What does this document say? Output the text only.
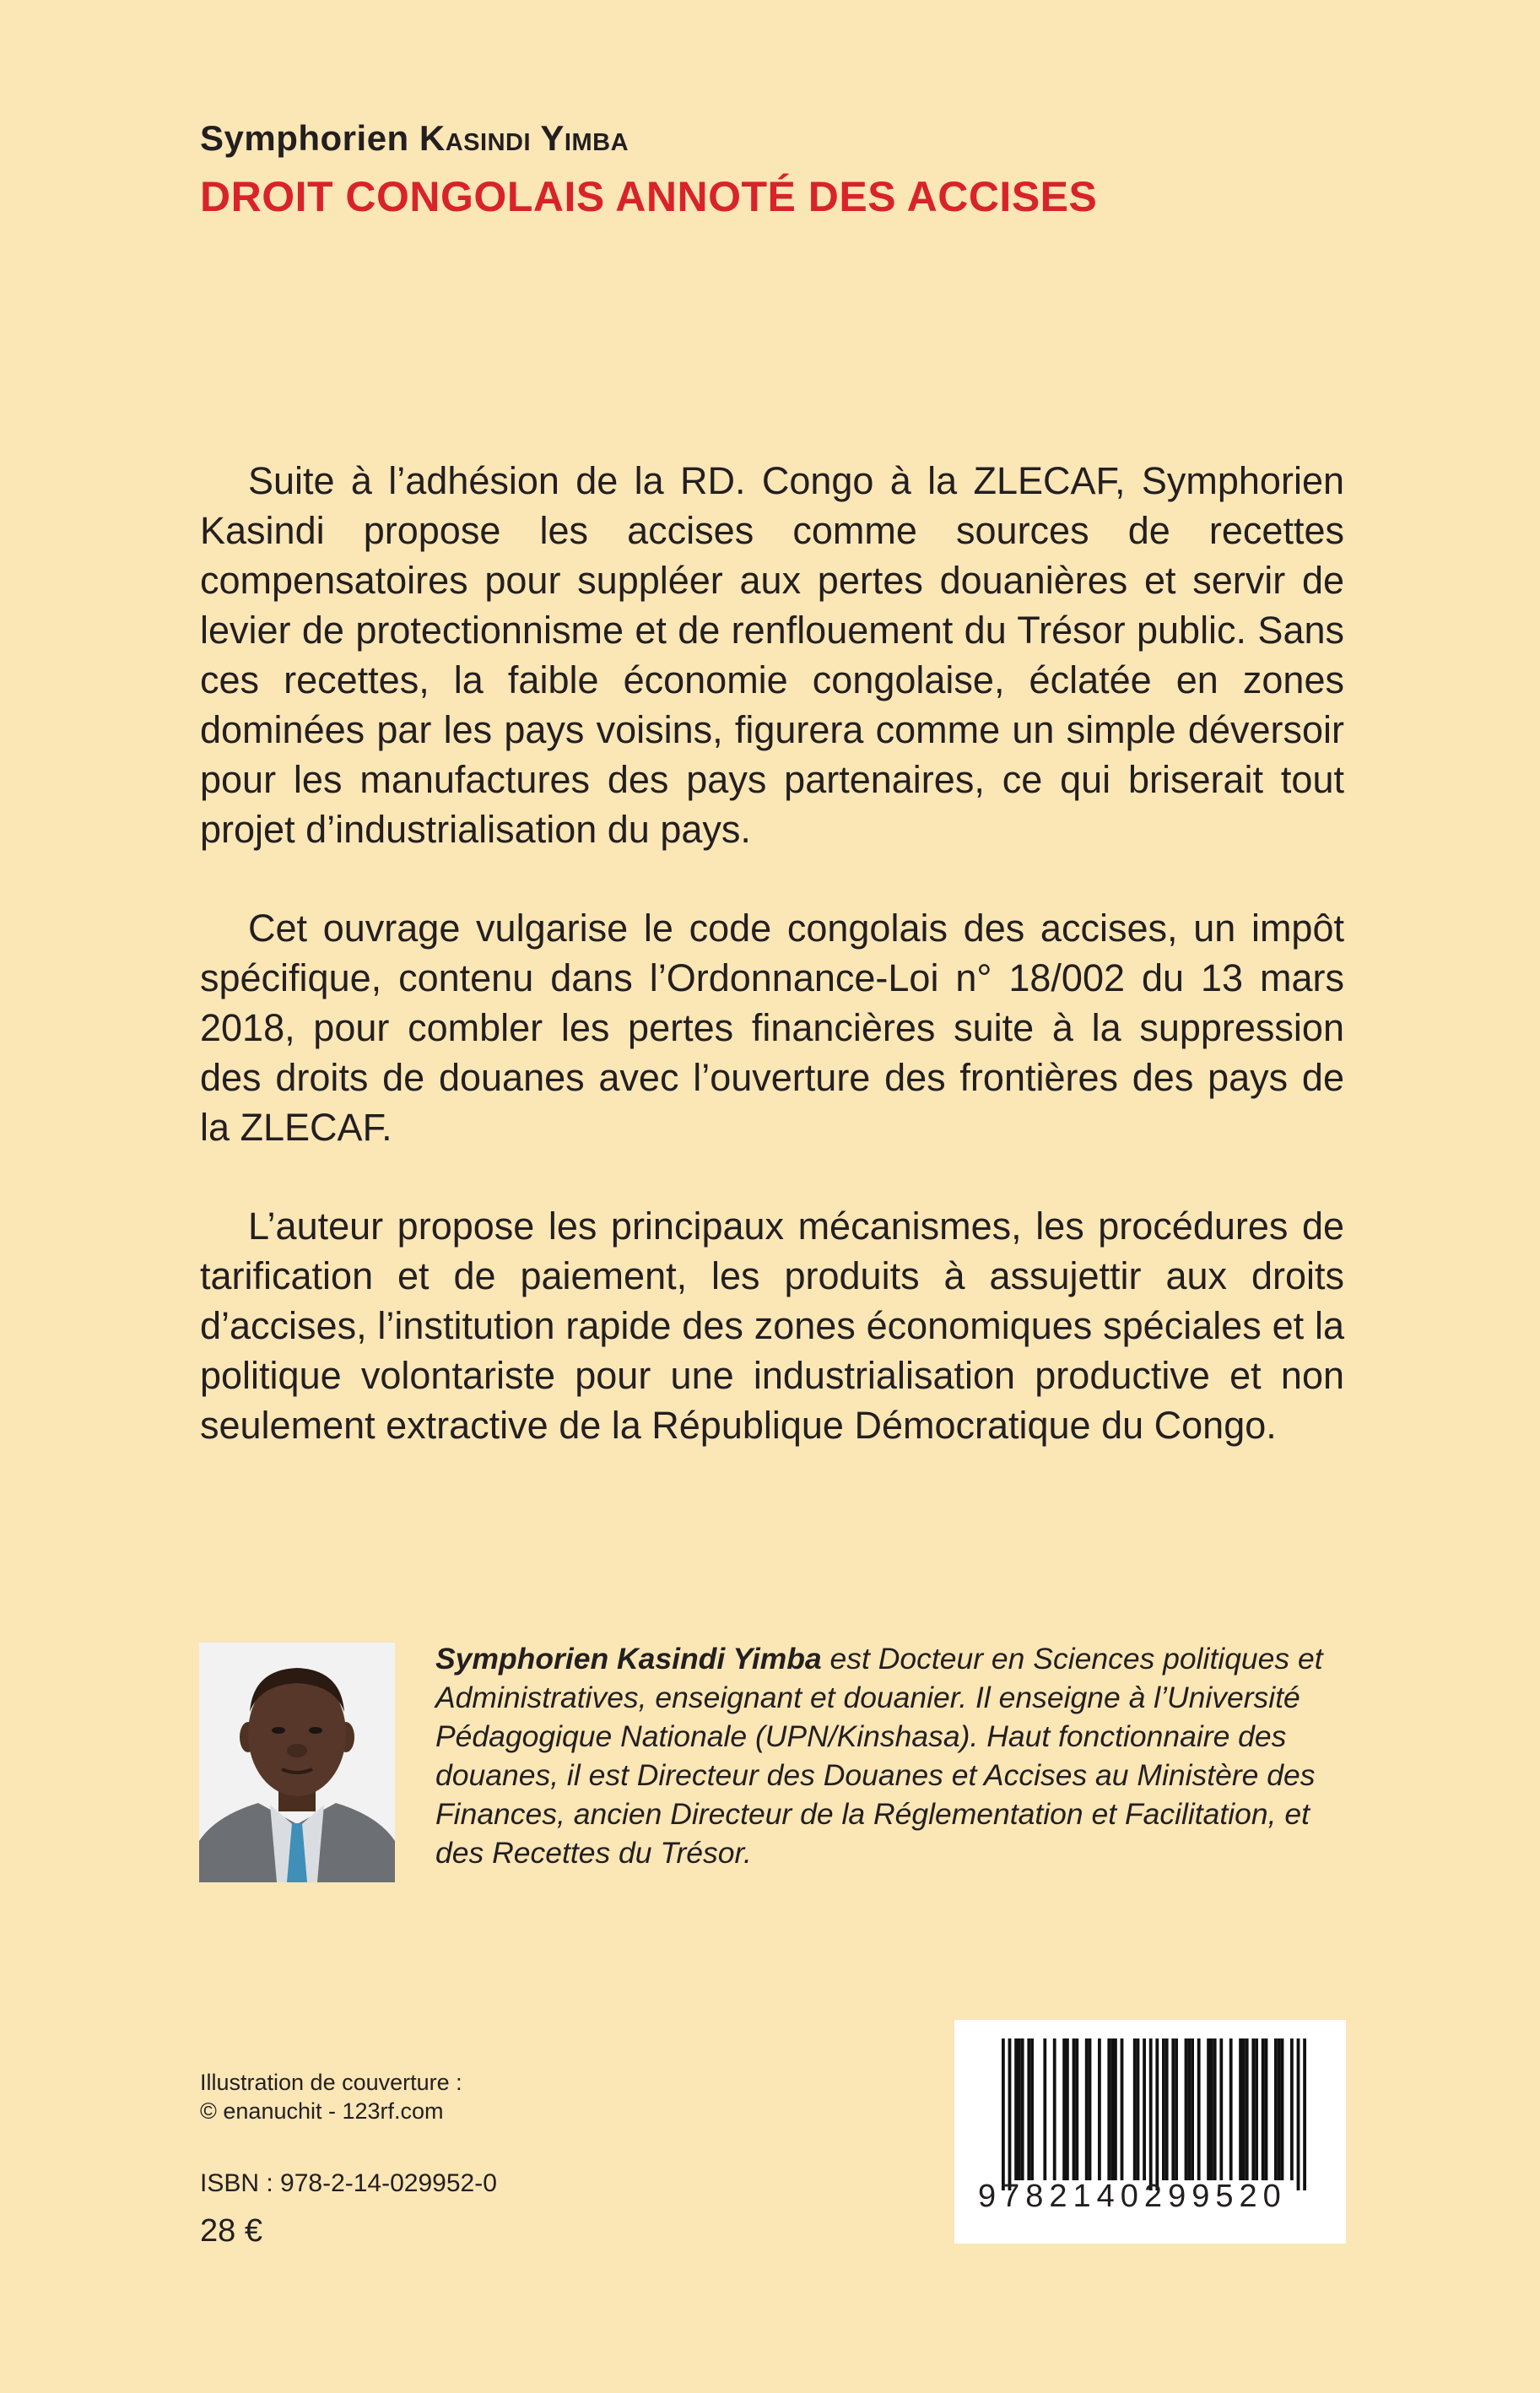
Symphorien Kasindi Yimba
DROIT CONGOLAIS ANNOTÉ DES ACCISES

Suite à l’adhésion de la RD. Congo à la ZLECAF, Symphorien Kasindi propose les accises comme sources de recettes compensatoires pour suppléer aux pertes douanières et servir de levier de protectionnisme et de renflouement du Trésor public. Sans ces recettes, la faible économie congolaise, éclatée en zones dominées par les pays voisins, figurera comme un simple déversoir pour les manufactures des pays partenaires, ce qui briserait tout projet d’industrialisation du pays.

Cet ouvrage vulgarise le code congolais des accises, un impôt spécifique, contenu dans l’Ordonnance-Loi n° 18/002 du 13 mars 2018, pour combler les pertes financières suite à la suppression des droits de douanes avec l’ouverture des frontières des pays de la ZLECAF.

L’auteur propose les principaux mécanismes, les procédures de tarification et de paiement, les produits à assujettir aux droits d’accises, l’institution rapide des zones économiques spéciales et la politique volontariste pour une industrialisation productive et non seulement extractive de la République Démocratique du Congo.

Symphorien Kasindi Yimba est Docteur en Sciences politiques et Administratives, enseignant et douanier. Il enseigne à l’Université Pédagogique Nationale (UPN/Kinshasa). Haut fonctionnaire des douanes, il est Directeur des Douanes et Accises au Ministère des Finances, ancien Directeur de la Réglementation et Facilitation, et des Recettes du Trésor.
Illustration de couverture :
© enanuchit - 123rf.com
ISBN : 978-2-14-029952-0
28 €
9782140299520
